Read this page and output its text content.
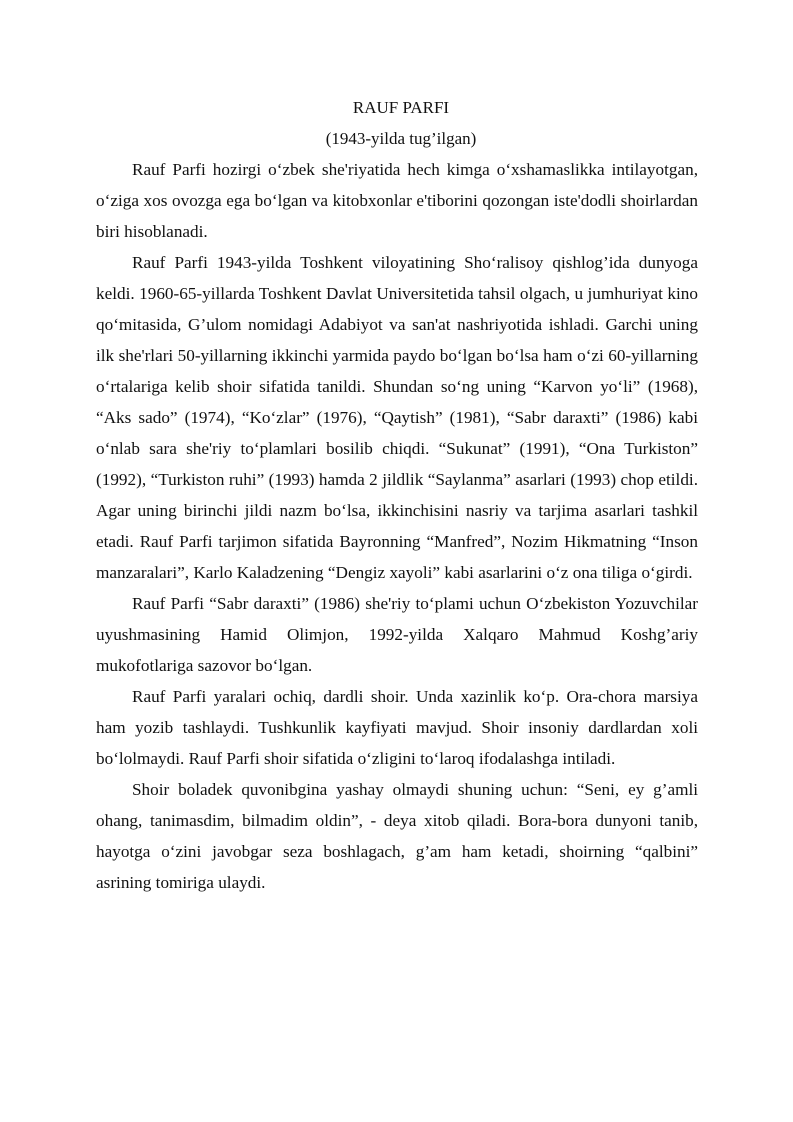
RAUF PARFI

(1943-yilda tug’ilgan)

Rauf Parfi hozirgi o‘zbek she'riyatida hech kimga o‘xshamaslikka intilayotgan, o‘ziga xos ovozga ega bo‘lgan va kitobxonlar e'tiborini qozongan iste'dodli shoirlardan biri hisoblanadi.

Rauf Parfi 1943-yilda Toshkent viloyatining Sho‘ralisoy qishlog’ida dunyoga keldi. 1960-65-yillarda Toshkent Davlat Universitetida tahsil olgach, u jumhuriyat kino qo‘mitasida, G’ulom nomidagi Adabiyot va san'at nashriyotida ishladi. Garchi uning ilk she'rlari 50-yillarning ikkinchi yarmida paydo bo‘lgan bo‘lsa ham o‘zi 60-yillarning o‘rtalariga kelib shoir sifatida tanildi. Shundan so‘ng uning “Karvon yo‘li” (1968), “Aks sado” (1974), “Ko‘zlar” (1976), “Qaytish” (1981), “Sabr daraxti” (1986) kabi o‘nlab sara she'riy to‘plamlari bosilib chiqdi. “Sukunat” (1991), “Ona Turkiston” (1992), “Turkiston ruhi” (1993) hamda 2 jildlik “Saylanma” asarlari (1993) chop etildi. Agar uning birinchi jildi nazm bo‘lsa, ikkinchisini nasriy va tarjima asarlari tashkil etadi. Rauf Parfi tarjimon sifatida Bayronning “Manfred”, Nozim Hikmatning “Inson manzaralari”, Karlo Kaladzening “Dengiz xayoli” kabi asarlarini o‘z ona tiliga o‘girdi.

Rauf Parfi “Sabr daraxti” (1986) she'riy to‘plami uchun O‘zbekiston Yozuvchilar uyushmasining Hamid Olimjon, 1992-yilda Xalqaro Mahmud Koshg’ariy mukofotlariga sazovor bo‘lgan.

Rauf Parfi yaralari ochiq, dardli shoir. Unda xazinlik ko‘p. Ora-chora marsiya ham yozib tashlaydi. Tushkunlik kayfiyati mavjud. Shoir insoniy dardlardan xoli bo‘lolmaydi. Rauf Parfi shoir sifatida o‘zligini to‘laroq ifodalashga intiladi.

Shoir boladek quvonibgina yashay olmaydi shuning uchun: “Seni, ey g’amli ohang, tanimasdim, bilmadim oldin”, - deya xitob qiladi. Bora-bora dunyoni tanib, hayotga o‘zini javobgar seza boshlagach, g’am ham ketadi, shoirning “qalbini” asrining tomiriga ulaydi.
